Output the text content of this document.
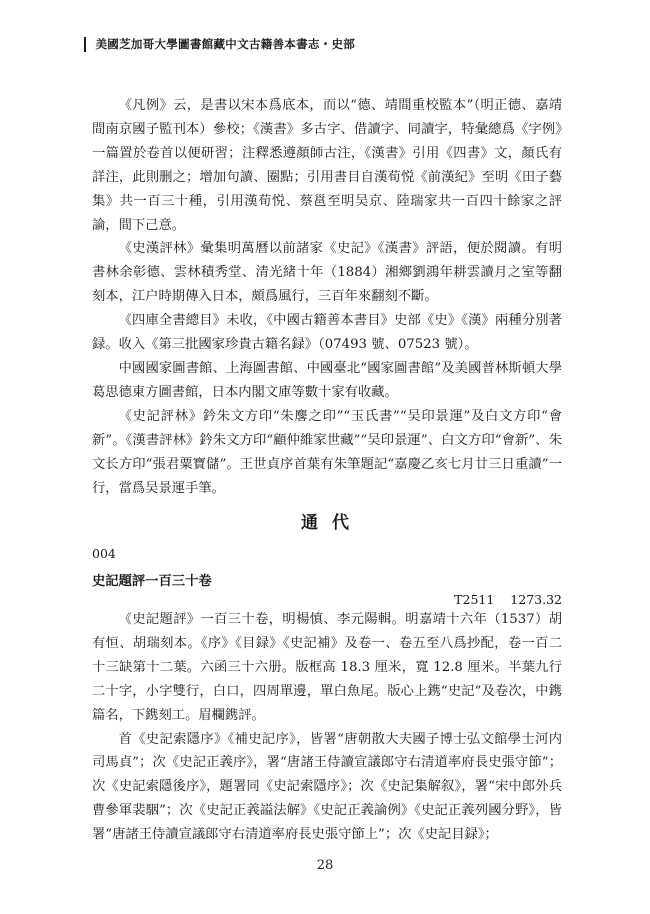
美國芝加哥大學圖書館藏中文古籍善本書志・史部

《凡例》云，是書以宋本爲底本，而以“德、靖間重校監本”（明正德、嘉靖間南京國子監刊本）參校；《漢書》多古字、借讀字、同讀字，特彙總爲《字例》一篇置於卷首以便研習；注釋悉遵顏師古注，《漢書》引用《四書》文，顏氏有詳注，此則删之；增加句讀、圈點；引用書目自漢荀悦《前漢紀》至明《田子藝集》共一百三十種，引用漢荀悦、蔡邕至明吴京、陸瑞家共一百四十餘家之評論，間下己意。

《史漢評林》彙集明萬曆以前諸家《史記》《漢書》評語，便於閱讀。有明書林余彰德、雲林積秀堂、清光緒十年（1884）湘鄉劉鴻年耕雲讀月之室等翻刻本，江户時期傳入日本，頗爲風行，三百年來翻刻不斷。

《四庫全書總目》未收，《中國古籍善本書目》史部《史》《漢》兩種分別著録。收入《第三批國家珍貴古籍名録》（07493 號、07523 號）。

中國國家圖書館、上海圖書館、中國臺北“國家圖書館”及美國普林斯頓大學葛思德東方圖書館，日本内閣文庫等數十家有收藏。

《史記評林》鈐朱文方印“朱麐之印”“玉氏書”“吴印景運”及白文方印“會新”。《漢書評林》鈐朱文方印“顧仲維家世藏”“吴印景運”、白文方印“會新”、朱文长方印“張君粟寶儲”。王世貞序首葉有朱筆題記“嘉慶乙亥七月廿三日重讀”一行，當爲吴景運手筆。

通代
004
史記題評一百三十卷
T2511 1273.32

《史記題評》一百三十卷，明楊慎、李元陽輯。明嘉靖十六年（1537）胡有恒、胡瑞刻本。《序》《目録》《史記補》及卷一、卷五至八爲抄配，卷一百二十三缺第十二葉。六函三十六册。版框高 18.3 厘米，寬 12.8 厘米。半葉九行二十字，小字雙行，白口，四周單邊，單白魚尾。版心上鎸“史記”及卷次，中鎸篇名，下鎸刻工。眉欄鎸評。

首《史記索隱序》《補史記序》，皆署“唐朝散大夫國子博士弘文館學士河内司馬貞”；次《史記正義序》，署“唐諸王侍讀宣議郎守右清道率府長史張守節”；次《史記索隱後序》，題署同《史記索隱序》；次《史記集解叙》，署“宋中郎外兵曹參軍裴駰”；次《史記正義謚法解》《史記正義論例》《史記正義列國分野》，皆署“唐諸王侍讀宣議郎守右清道率府長史張守節上”；次《史記目録》；

28
